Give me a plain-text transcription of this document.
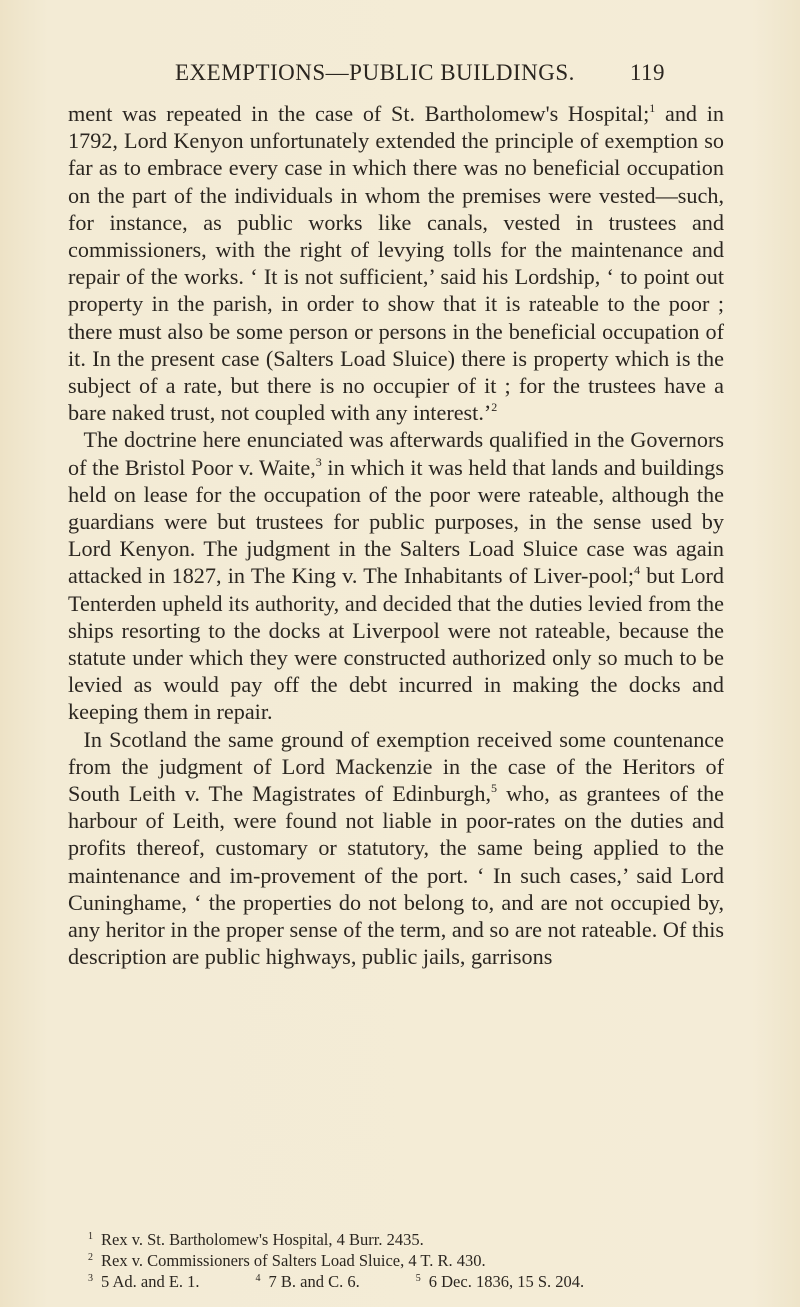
EXEMPTIONS—PUBLIC BUILDINGS. 119

ment was repeated in the case of St. Bartholomew's Hospital;$^1$ and in 1792, Lord Kenyon unfortunately extended the principle of exemption so far as to embrace every case in which there was no beneficial occupation on the part of the individuals in whom the premises were vested—such, for instance, as public works like canals, vested in trustees and commissioners, with the right of levying tolls for the maintenance and repair of the works. ‘ It is not sufficient,’ said his Lordship, ‘ to point out property in the parish, in order to show that it is rateable to the poor ; there must also be some person or persons in the beneficial occupation of it. In the present case (Salters Load Sluice) there is property which is the subject of a rate, but there is no occupier of it ; for the trustees have a bare naked trust, not coupled with any interest.’$^2$

The doctrine here enunciated was afterwards qualified in the Governors of the Bristol Poor v. Waite,$^3$ in which it was held that lands and buildings held on lease for the occupation of the poor were rateable, although the guardians were but trustees for public purposes, in the sense used by Lord Kenyon. The judgment in the Salters Load Sluice case was again attacked in 1827, in The King v. The Inhabitants of Liver-pool;$^4$ but Lord Tenterden upheld its authority, and decided that the duties levied from the ships resorting to the docks at Liverpool were not rateable, because the statute under which they were constructed authorized only so much to be levied as would pay off the debt incurred in making the docks and keeping them in repair.

In Scotland the same ground of exemption received some countenance from the judgment of Lord Mackenzie in the case of the Heritors of South Leith v. The Magistrates of Edinburgh,$^5$ who, as grantees of the harbour of Leith, were found not liable in poor-rates on the duties and profits thereof, customary or statutory, the same being applied to the maintenance and im-provement of the port. ‘ In such cases,’ said Lord Cuninghame, ‘ the properties do not belong to, and are not occupied by, any heritor in the proper sense of the term, and so are not rateable. Of this description are public highways, public jails, garrisons

$^1$ Rex v. St. Bartholomew's Hospital, 4 Burr. 2435.
$^2$ Rex v. Commissioners of Salters Load Sluice, 4 T. R. 430.
$^3$ 5 Ad. and E. 1.	$^4$ 7 B. and C. 6.	$^5$ 6 Dec. 1836, 15 S. 204.
